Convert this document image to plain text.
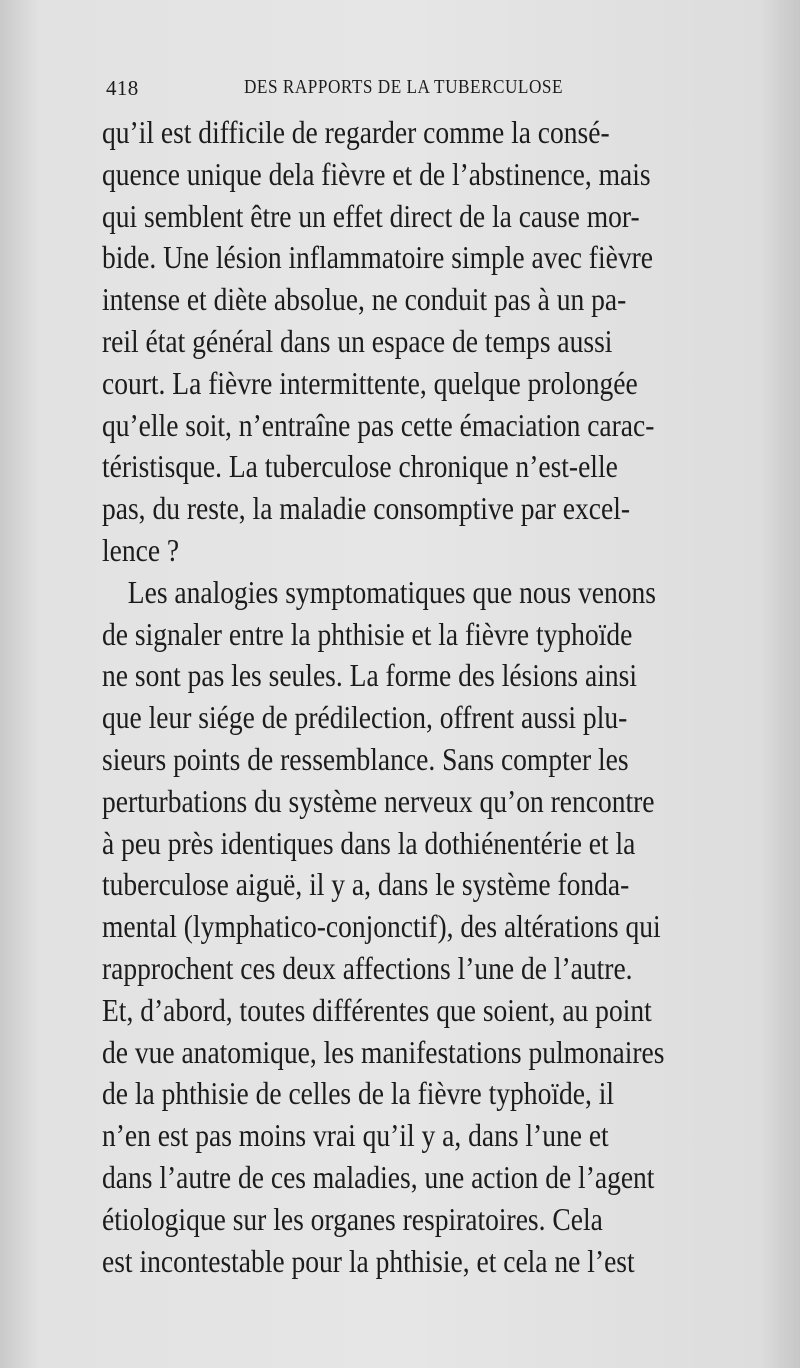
418	DES RAPPORTS DE LA TUBERCULOSE
qu’il est difficile de regarder comme la consé-
quence unique dela fièvre et de l’abstinence, mais
qui semblent être un effet direct de la cause mor-
bide. Une lésion inflammatoire simple avec fièvre
intense et diète absolue, ne conduit pas à un pa-
reil état général dans un espace de temps aussi
court. La fièvre intermittente, quelque prolongée
qu’elle soit, n’entraîne pas cette émaciation carac-
téristisque. La tuberculose chronique n’est-elle
pas, du reste, la maladie consomptive par excel-
lence ?
Les analogies symptomatiques que nous venons
de signaler entre la phthisie et la fièvre typhoïde
ne sont pas les seules. La forme des lésions ainsi
que leur siége de prédilection, offrent aussi plu-
sieurs points de ressemblance. Sans compter les
perturbations du système nerveux qu’on rencontre
à peu près identiques dans la dothiénentérie et la
tuberculose aiguë, il y a, dans le système fonda-
mental (lymphatico-conjonctif), des altérations qui
rapprochent ces deux affections l’une de l’autre.
Et, d’abord, toutes différentes que soient, au point
de vue anatomique, les manifestations pulmonaires
de la phthisie de celles de la fièvre typhoïde, il
n’en est pas moins vrai qu’il y a, dans l’une et
dans l’autre de ces maladies, une action de l’agent
étiologique sur les organes respiratoires. Cela
est incontestable pour la phthisie, et cela ne l’est
